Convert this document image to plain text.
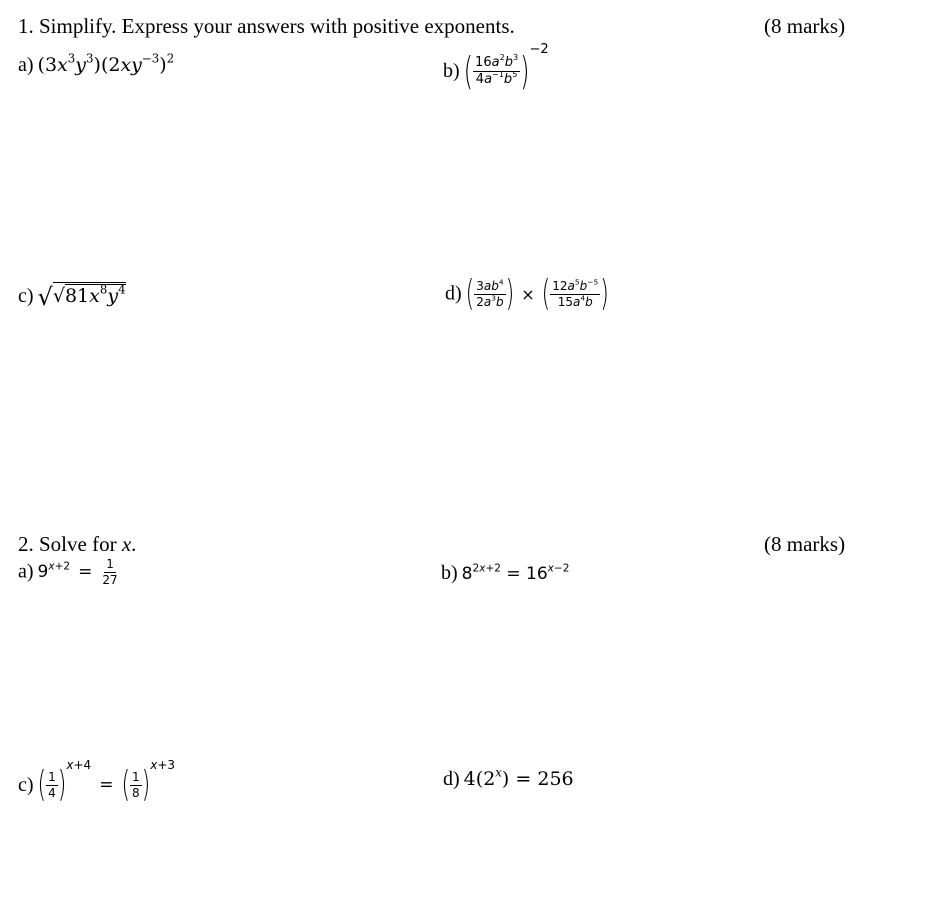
1. Simplify. Express your answers with positive exponents.	(8 marks)
a) $(3x^3y^3)(2xy^{-3})^2$
b) ( $\frac{16a^2b^3}{4a^{-1}b^5} )^{-2}$
c) $√√81x^8y^4$	d) ( $\frac{3ab^4}{2a^3b}$ ) × ( $\frac{12a^5b^{-5}}{15a^4b}$ )
2. Solve for x.	(8 marks)
a) $9^{x+2} = \frac{1}{27}$	b) $8^{2x+2} = 16^{x-2}$
c) ( $\frac{1}{4} )^{x+4}$ = ( $\frac{1}{8} )^{x+3}$
d) $4(2^x) = 256$
